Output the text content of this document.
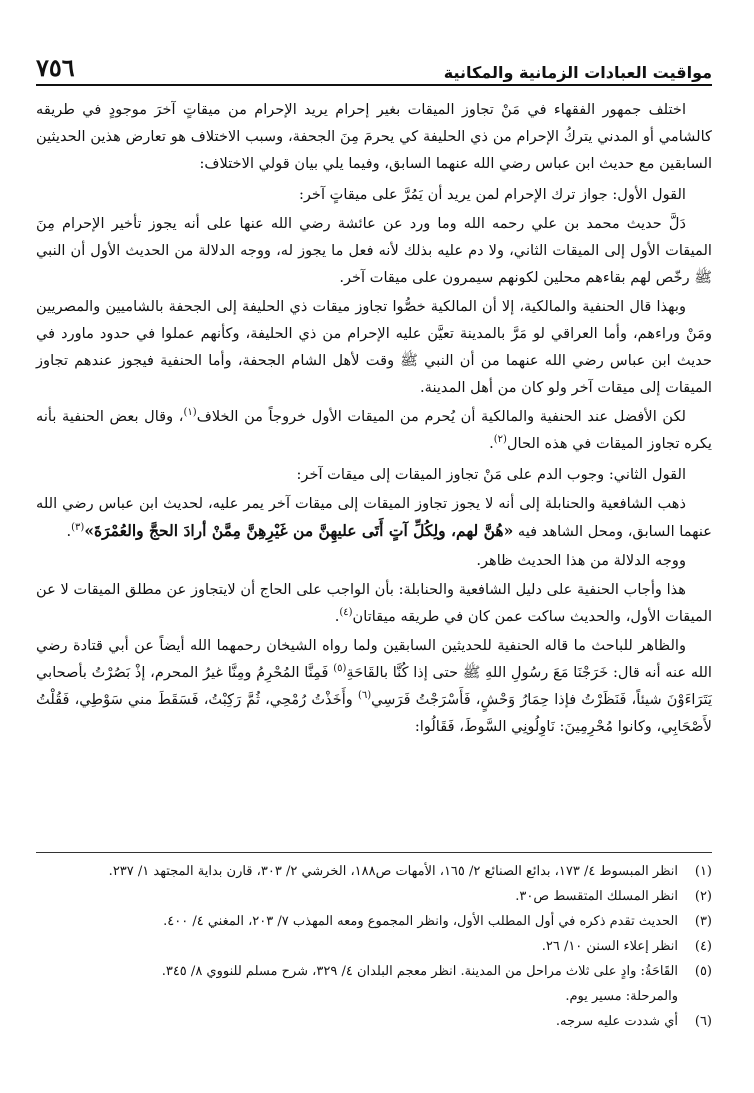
مواقيت العبادات الزمانية والمكانية
٧٥٦

اختلف جمهور الفقهاء في مَنْ تجاوز الميقات بغير إحرام يريد الإحرام من ميقاتٍ آخرَ موجودٍ في طريقه كالشامي أو المدني يتركُ الإحرام من ذي الحليفة كي يحرمَ مِنَ الجحفة، وسبب الاختلاف هو تعارض هذين الحديثين السابقين مع حديث ابن عباس رضي الله عنهما السابق، وفيما يلي بيان قولي الاختلاف:

القول الأول: جواز ترك الإحرام لمن يريد أن يَمُرَّ على ميقاتٍ آخر:

دَلَّ حديث محمد بن علي رحمه الله وما ورد عن عائشة رضي الله عنها على أنه يجوز تأخير الإحرام مِنَ الميقات الأول إلى الميقات الثاني، ولا دم عليه بذلك لأنه فعل ما يجوز له، ووجه الدلالة من الحديث الأول أن النبي ﷺ رخّص لهم بقاءهم محلين لكونهم سيمرون على ميقات آخر.

وبهذا قال الحنفية والمالكية، إلا أن المالكية خصُّوا تجاوز ميقات ذي الحليفة إلى الجحفة بالشاميين والمصريين ومَنْ وراءهم، وأما العراقي لو مَرَّ بالمدينة تعيَّن عليه الإحرام من ذي الحليفة، وكأنهم عملوا في حدود ماورد في حديث ابن عباس رضي الله عنهما من أن النبي ﷺ وقت لأهل الشام الجحفة، وأما الحنفية فيجوز عندهم تجاوز الميقات إلى ميقات آخر ولو كان من أهل المدينة.

لكن الأفضل عند الحنفية والمالكية أن يُحرم من الميقات الأول خروجاً من الخلاف$^{(١)}$، وقال بعض الحنفية بأنه يكره تجاوز الميقات في هذه الحال$^{(٢)}$.

القول الثاني: وجوب الدم على مَنْ تجاوز الميقات إلى ميقات آخر:

ذهب الشافعية والحنابلة إلى أنه لا يجوز تجاوز الميقات إلى ميقات آخر يمر عليه، لحديث ابن عباس رضي الله عنهما السابق، ومحل الشاهد فيه «هُنَّ لهم، ولِكُلِّ آتٍ أَتَى عليهِنَّ من غَيْرِهِنَّ مِمَّنْ أرادَ الحجَّ والعُمْرَةَ»$^{(٣)}$.

ووجه الدلالة من هذا الحديث ظاهر.

هذا وأجاب الحنفية على دليل الشافعية والحنابلة: بأن الواجب على الحاج أن لايتجاوز عن مطلق الميقات لا عن الميقات الأول، والحديث ساكت عمن كان في طريقه ميقاتان$^{(٤)}$.

والظاهر للباحث ما قاله الحنفية للحديثين السابقين ولما رواه الشيخان رحمهما الله أيضاً عن أبي قتادة رضي الله عنه أنه قال: خَرَجْنَا مَعَ رسُولِ اللهِ ﷺ حتى إذا كُنَّا بالقَاحَةِ$^{(٥)}$ فَمِنَّا المُحْرِمُ ومِنَّا غيرُ المحرم، إذْ بَصُرْتُ بأصحابي يَتَرَاءَوْنَ شيئاً، فَنَظَرْتُ فإذا حِمَارُ وَحْشٍ، فَأَسْرَجْتُ فَرَسِي$^{(٦)}$ وأَخَذْتُ رُمْحِي، ثُمَّ رَكِبْتُ، فَسَقَطَ مني سَوْطِي، فَقُلْتُ لأَصْحَابِي، وكانوا مُحْرِمِينَ: نَاوِلُونِي السَّوطَ، فَقَالُوا:

(١)
انظر المبسوط ٤/ ١٧٣، بدائع الصنائع ٢/ ١٦٥، الأمهات ص١٨٨، الخرشي ٢/ ٣٠٣، قارن بداية المجتهد ١/ ٢٣٧.
(٢)
انظر المسلك المتقسط ص٣٠.
(٣)
الحديث تقدم ذكره في أول المطلب الأول، وانظر المجموع ومعه المهذب ٧/ ٢٠٣، المغني ٤/ ٤٠٠.
(٤)
انظر إعلاء السنن ١٠/ ٢٦.
(٥)
القَاحَةُ: وادٍ على ثلاث مراحل من المدينة. انظر معجم البلدان ٤/ ٣٢٩، شرح مسلم للنووي ٨/ ٣٤٥.
والمرحلة: مسير يوم.
(٦)
أي شددت عليه سرجه.
